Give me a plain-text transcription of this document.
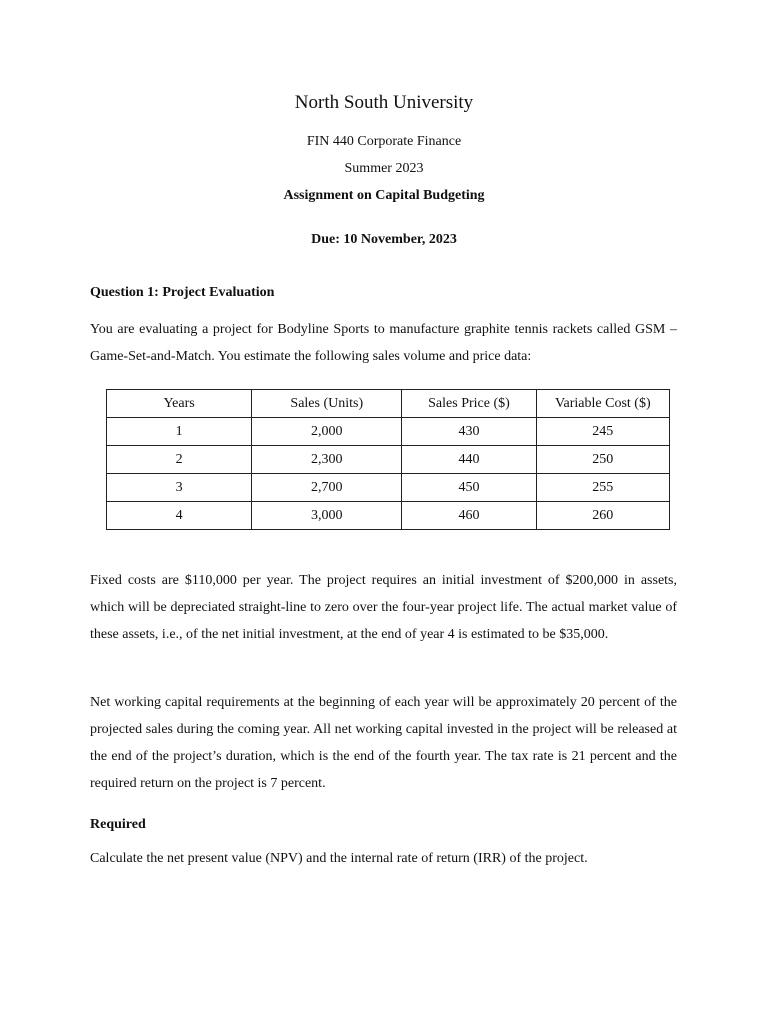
North South University
FIN 440 Corporate Finance
Summer 2023
Assignment on Capital Budgeting
Due: 10 November, 2023
Question 1: Project Evaluation
You are evaluating a project for Bodyline Sports to manufacture graphite tennis rackets called GSM – Game-Set-and-Match. You estimate the following sales volume and price data:
Years	Sales (Units)	Sales Price ($)	Variable Cost ($)
1	2,000	430	245
2	2,300	440	250
3	2,700	450	255
4	3,000	460	260
Fixed costs are $110,000 per year. The project requires an initial investment of $200,000 in assets, which will be depreciated straight-line to zero over the four-year project life. The actual market value of these assets, i.e., of the net initial investment, at the end of year 4 is estimated to be $35,000.
Net working capital requirements at the beginning of each year will be approximately 20 percent of the projected sales during the coming year. All net working capital invested in the project will be released at the end of the project’s duration, which is the end of the fourth year. The tax rate is 21 percent and the required return on the project is 7 percent.
Required
Calculate the net present value (NPV) and the internal rate of return (IRR) of the project.
